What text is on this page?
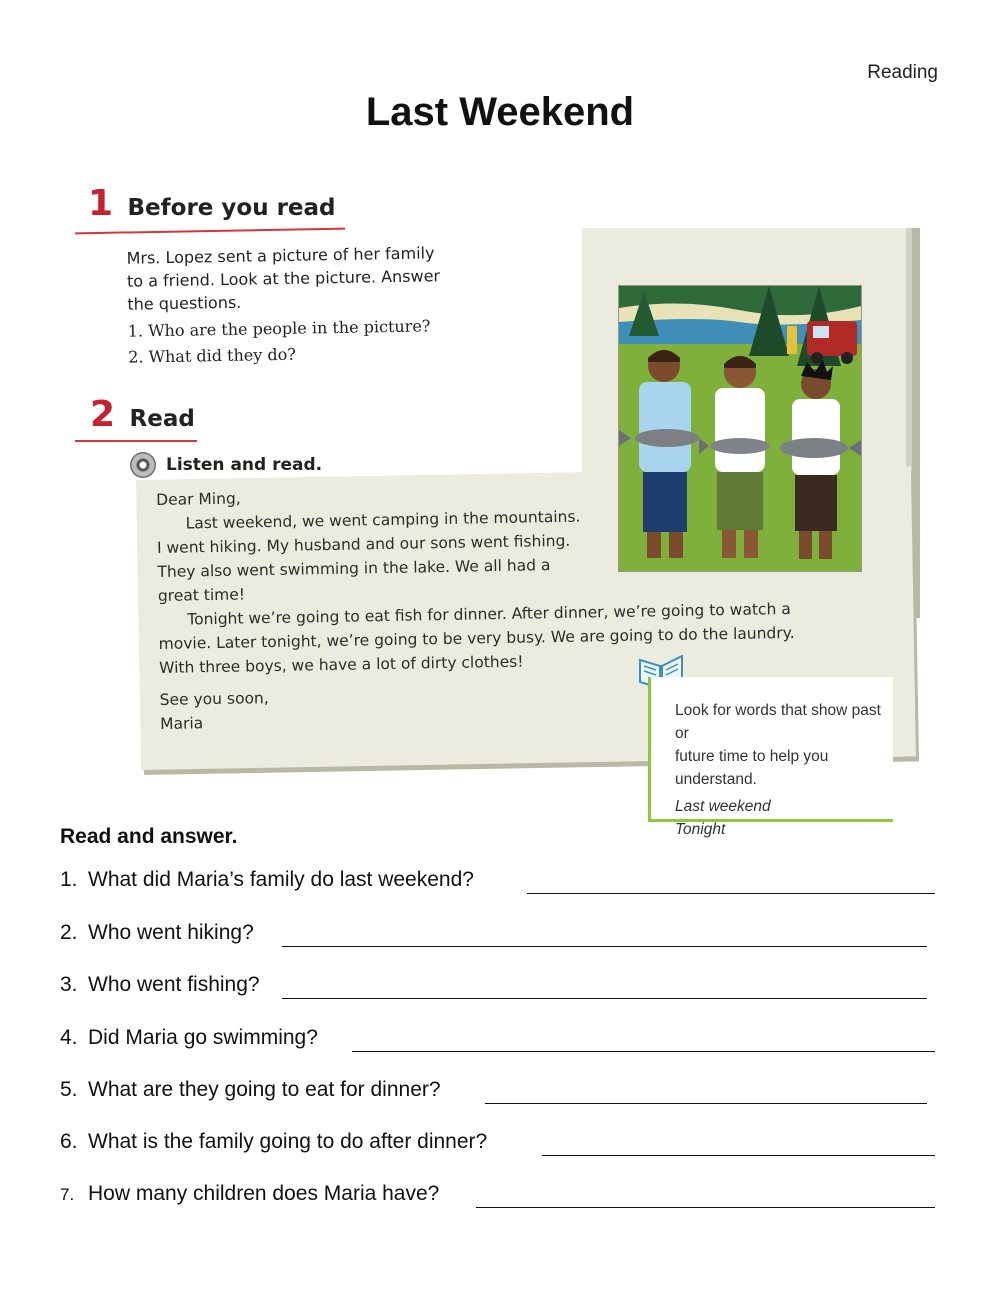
Reading
Last Weekend
1 Before you read
Mrs. Lopez sent a picture of her family
to a friend. Look at the picture. Answer
the questions.
1. Who are the people in the picture?
2. What did they do?
2 Read
Listen and read.
Dear Ming,
Last weekend, we went camping in the mountains.
I went hiking. My husband and our sons went fishing.
They also went swimming in the lake. We all had a
great time!
Tonight we’re going to eat fish for dinner. After dinner, we’re going to watch a
movie. Later tonight, we’re going to be very busy. We are going to do the laundry.
With three boys, we have a lot of dirty clothes!
See you soon,
Maria
Look for words that show past or
future time to help you understand.
Last weekend
Tonight
Read and answer.
1. What did Maria’s family do last weekend?
2. Who went hiking?
3. Who went fishing?
4. Did Maria go swimming?
5. What are they going to eat for dinner?
6. What is the family going to do after dinner?
7. How many children does Maria have?
